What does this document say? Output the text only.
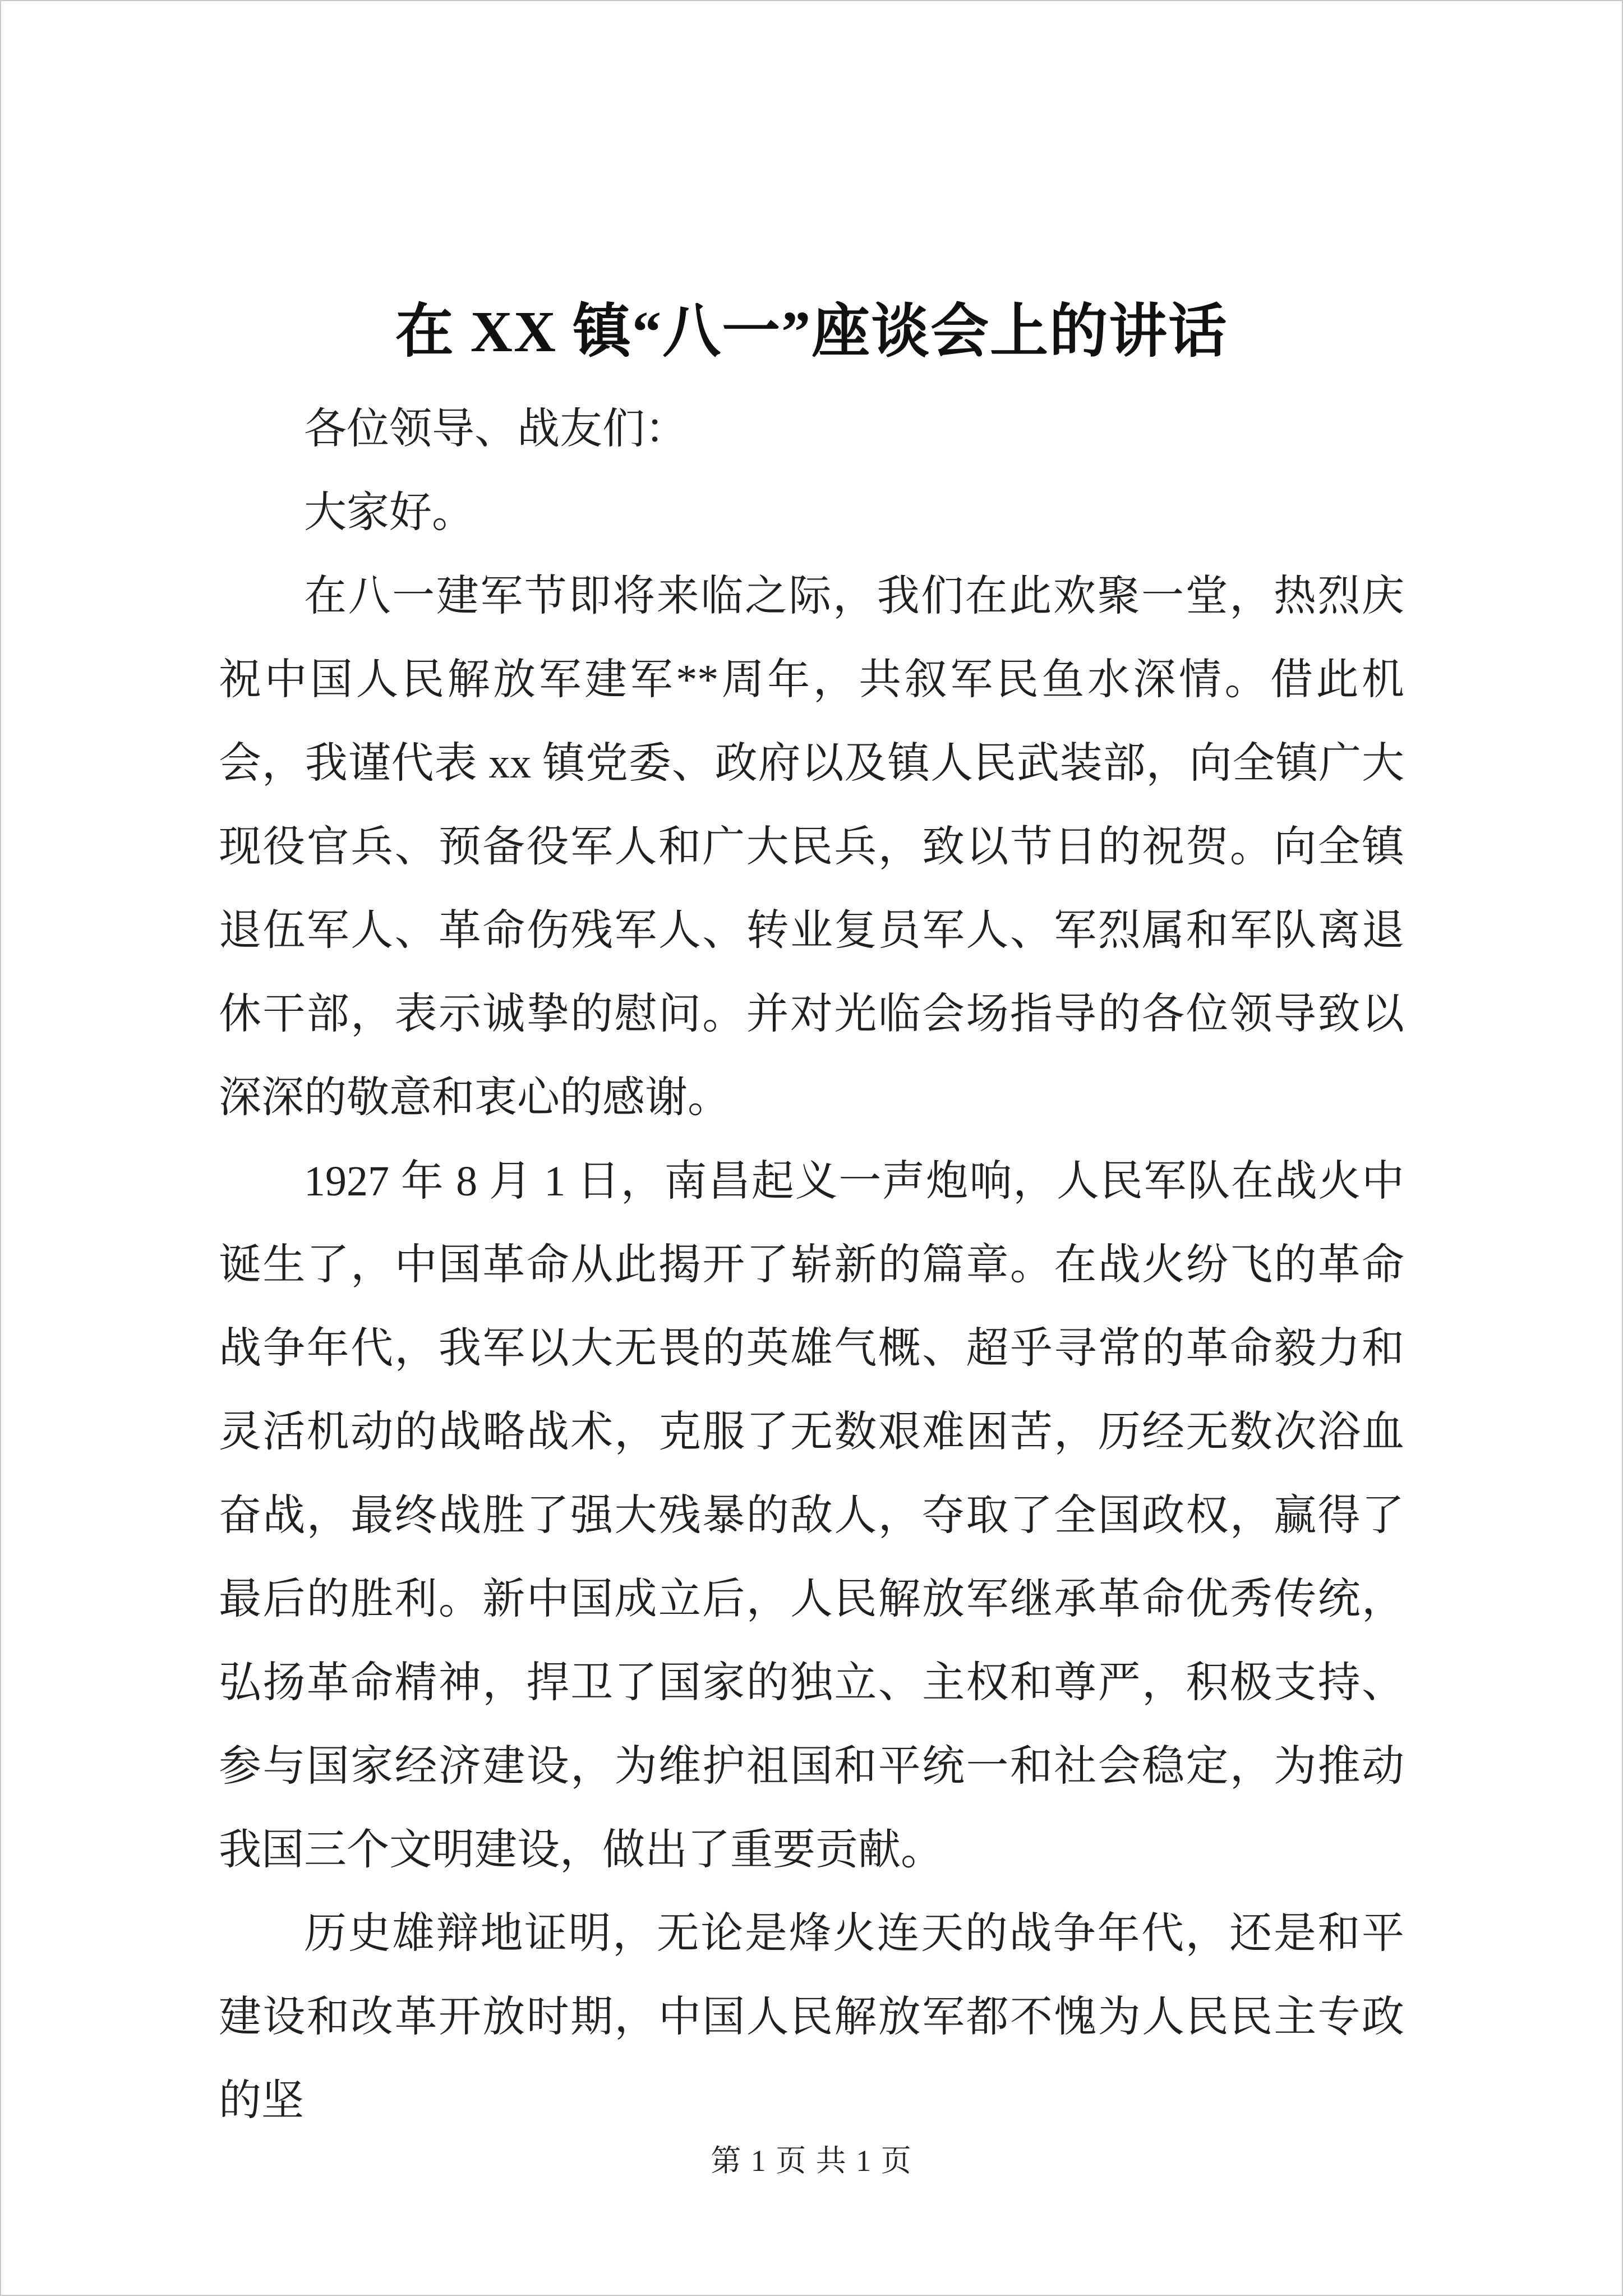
在 XX 镇“八一”座谈会上的讲话

各位领导、战友们：

大家好。

在八一建军节即将来临之际，我们在此欢聚一堂，热烈庆祝中国人民解放军建军**周年，共叙军民鱼水深情。借此机会，我谨代表 xx 镇党委、政府以及镇人民武装部，向全镇广大现役官兵、预备役军人和广大民兵，致以节日的祝贺。向全镇退伍军人、革命伤残军人、转业复员军人、军烈属和军队离退休干部，表示诚挚的慰问。并对光临会场指导的各位领导致以深深的敬意和衷心的感谢。

1927 年 8 月 1 日，南昌起义一声炮响，人民军队在战火中诞生了，中国革命从此揭开了崭新的篇章。在战火纷飞的革命战争年代，我军以大无畏的英雄气概、超乎寻常的革命毅力和灵活机动的战略战术，克服了无数艰难困苦，历经无数次浴血奋战，最终战胜了强大残暴的敌人，夺取了全国政权，赢得了最后的胜利。新中国成立后，人民解放军继承革命优秀传统，弘扬革命精神，捍卫了国家的独立、主权和尊严，积极支持、参与国家经济建设，为维护祖国和平统一和社会稳定，为推动我国三个文明建设，做出了重要贡献。

历史雄辩地证明，无论是烽火连天的战争年代，还是和平建设和改革开放时期，中国人民解放军都不愧为人民民主专政的坚

第 1 页 共 1 页
